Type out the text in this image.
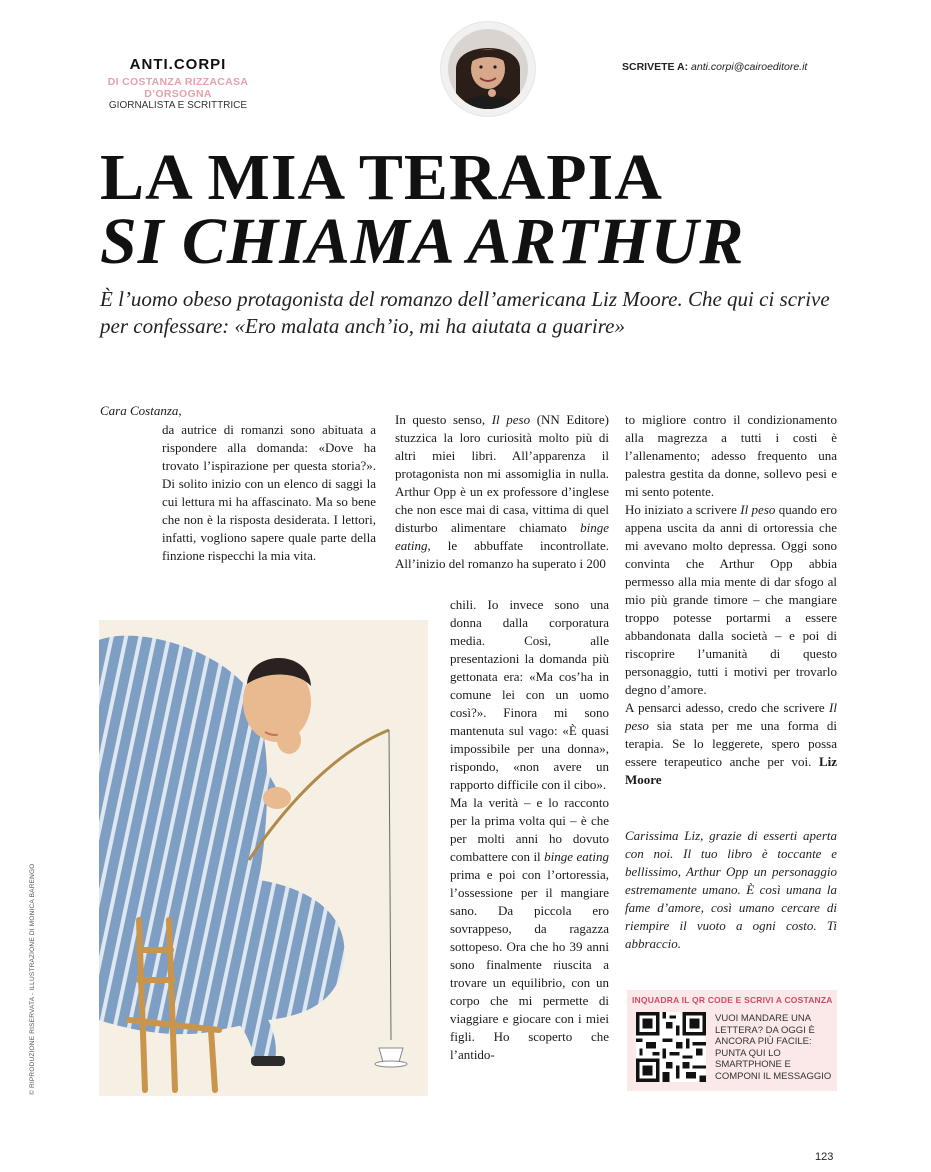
ANTI.CORPI
DI COSTANZA RIZZACASA
D’ORSOGNA
GIORNALISTA E SCRITTRICE
SCRIVETE A: anti.corpi@cairoeditore.it
LA MIA TERAPIA
SI CHIAMA ARTHUR

È l’uomo obeso protagonista del romanzo dell’americana Liz Moore. Che qui ci scrive per confessare: «Ero malata anch’io, mi ha aiutata a guarire»

Cara Costanza,

da autrice di romanzi sono abituata a rispondere alla domanda: «Dove ha trovato l’ispirazione per questa storia?». Di solito inizio con un elenco di saggi la cui lettura mi ha affascinato. Ma so bene che non è la risposta desiderata. I lettori, infatti, vogliono sapere quale parte della finzione rispecchi la mia vita.

In questo senso, Il peso (NN Editore) stuzzica la loro curiosità molto più di altri miei libri. All’apparenza il protagonista non mi assomiglia in nulla. Arthur Opp è un ex professore d’inglese che non esce mai di casa, vittima di quel disturbo alimentare chiamato binge eating, le abbuffate incontrollate. All’inizio del romanzo ha superato i 200

chili. Io invece sono una donna dalla corporatura media. Così, alle presentazioni la domanda più gettonata era: «Ma cos’ha in comune lei con un uomo così?». Finora mi sono mantenuta sul vago: «È quasi impossibile per una donna», rispondo, «non avere un rapporto difficile con il cibo».

Ma la verità – e lo racconto per la prima volta qui – è che per molti anni ho dovuto combattere con il binge eating prima e poi con l’ortoressia, l’ossessione per il mangiare sano. Da piccola ero sovrappeso, da ragazza sottopeso. Ora che ho 39 anni sono finalmente riuscita a trovare un equilibrio, con un corpo che mi permette di viaggiare e giocare con i miei figli. Ho scoperto che l’antido-

to migliore contro il condizionamento alla magrezza a tutti i costi è l’allenamento; adesso frequento una palestra gestita da donne, sollevo pesi e mi sento potente.

Ho iniziato a scrivere Il peso quando ero appena uscita da anni di ortoressia che mi avevano molto depressa. Oggi sono convinta che Arthur Opp abbia permesso alla mia mente di dar sfogo al mio più grande timore – che mangiare troppo potesse portarmi a essere abbandonata dalla società – e poi di riscoprire l’umanità di questo personaggio, tutti i motivi per trovarlo degno d’amore.

A pensarci adesso, credo che scrivere Il peso sia stata per me una forma di terapia. Se lo leggerete, spero possa essere terapeutico anche per voi. Liz Moore

Carissima Liz, grazie di esserti aperta con noi. Il tuo libro è toccante e bellissimo, Arthur Opp un personaggio estremamente umano. È così umana la fame d’amore, così umano cercare di riempire il vuoto a ogni costo. Ti abbraccio.

INQUADRA IL QR CODE E SCRIVI A COSTANZA
VUOI MANDARE UNA LETTERA? DA OGGI È ANCORA PIÙ FACILE: PUNTA QUI LO SMARTPHONE E COMPONI IL MESSAGGIO
© RIPRODUZIONE RISERVATA - ILLUSTRAZIONE DI MONICA BARENGO
123
